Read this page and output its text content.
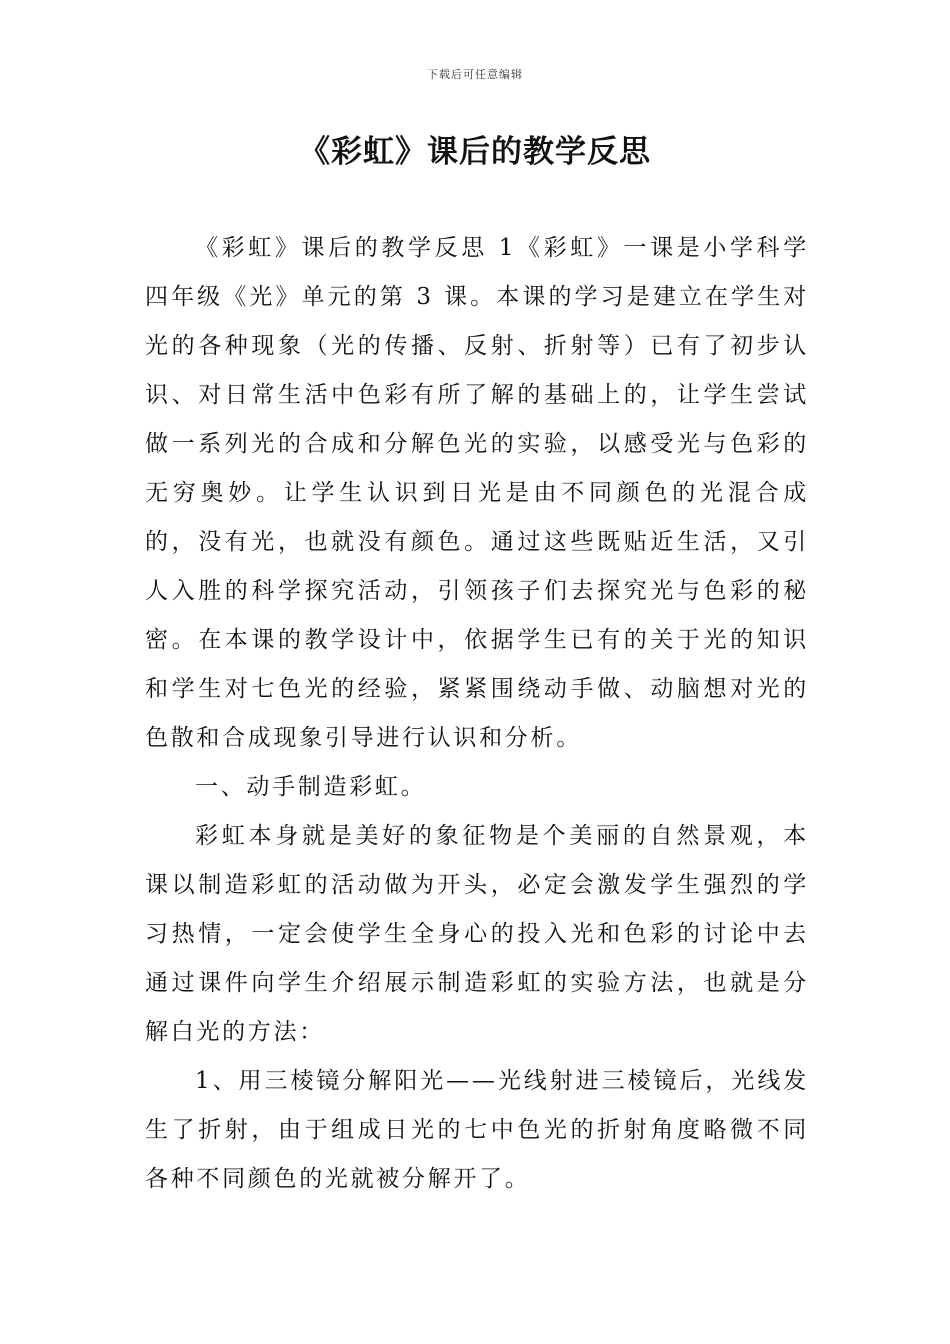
下载后可任意编辑
《彩虹》课后的教学反思

《彩虹》课后的教学反思 1《彩虹》一课是小学科学四年级《光》单元的第 3 课。本课的学习是建立在学生对光的各种现象（光的传播、反射、折射等）已有了初步认识、对日常生活中色彩有所了解的基础上的，让学生尝试做一系列光的合成和分解色光的实验，以感受光与色彩的无穷奥妙。让学生认识到日光是由不同颜色的光混合成的，没有光，也就没有颜色。通过这些既贴近生活，又引人入胜的科学探究活动，引领孩子们去探究光与色彩的秘密。在本课的教学设计中，依据学生已有的关于光的知识和学生对七色光的经验，紧紧围绕动手做、动脑想对光的色散和合成现象引导进行认识和分析。

一、动手制造彩虹。

彩虹本身就是美好的象征物是个美丽的自然景观，本课以制造彩虹的活动做为开头，必定会激发学生强烈的学习热情，一定会使学生全身心的投入光和色彩的讨论中去通过课件向学生介绍展示制造彩虹的实验方法，也就是分解白光的方法：

1、用三棱镜分解阳光——光线射进三棱镜后，光线发生了折射，由于组成日光的七中色光的折射角度略微不同各种不同颜色的光就被分解开了。
